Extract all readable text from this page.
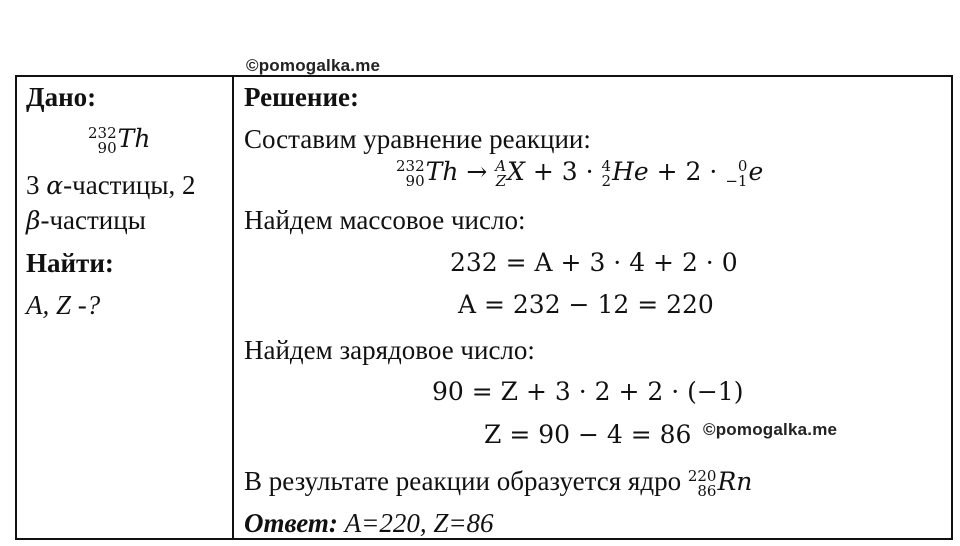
©pomogalka.me
Дано:
232
90 Th
3 α-частицы, 2
β-частицы
Найти:
A, Z -?
Решение:
Составим уравнение реакции:
232
90 Th → A
Z X + 3 · 4
2 He + 2 ·	0
−1 e
Найдем массовое число:
232 = A + 3 · 4 + 2 · 0
A = 232 − 12 = 220
Найдем зарядовое число:
90 = Z + 3 · 2 + 2 · (−1)
Z = 90 − 4 = 86
В результате реакции образуется ядро 220
86 Rn
Ответ: A=220, Z=86
©pomogalka.me
